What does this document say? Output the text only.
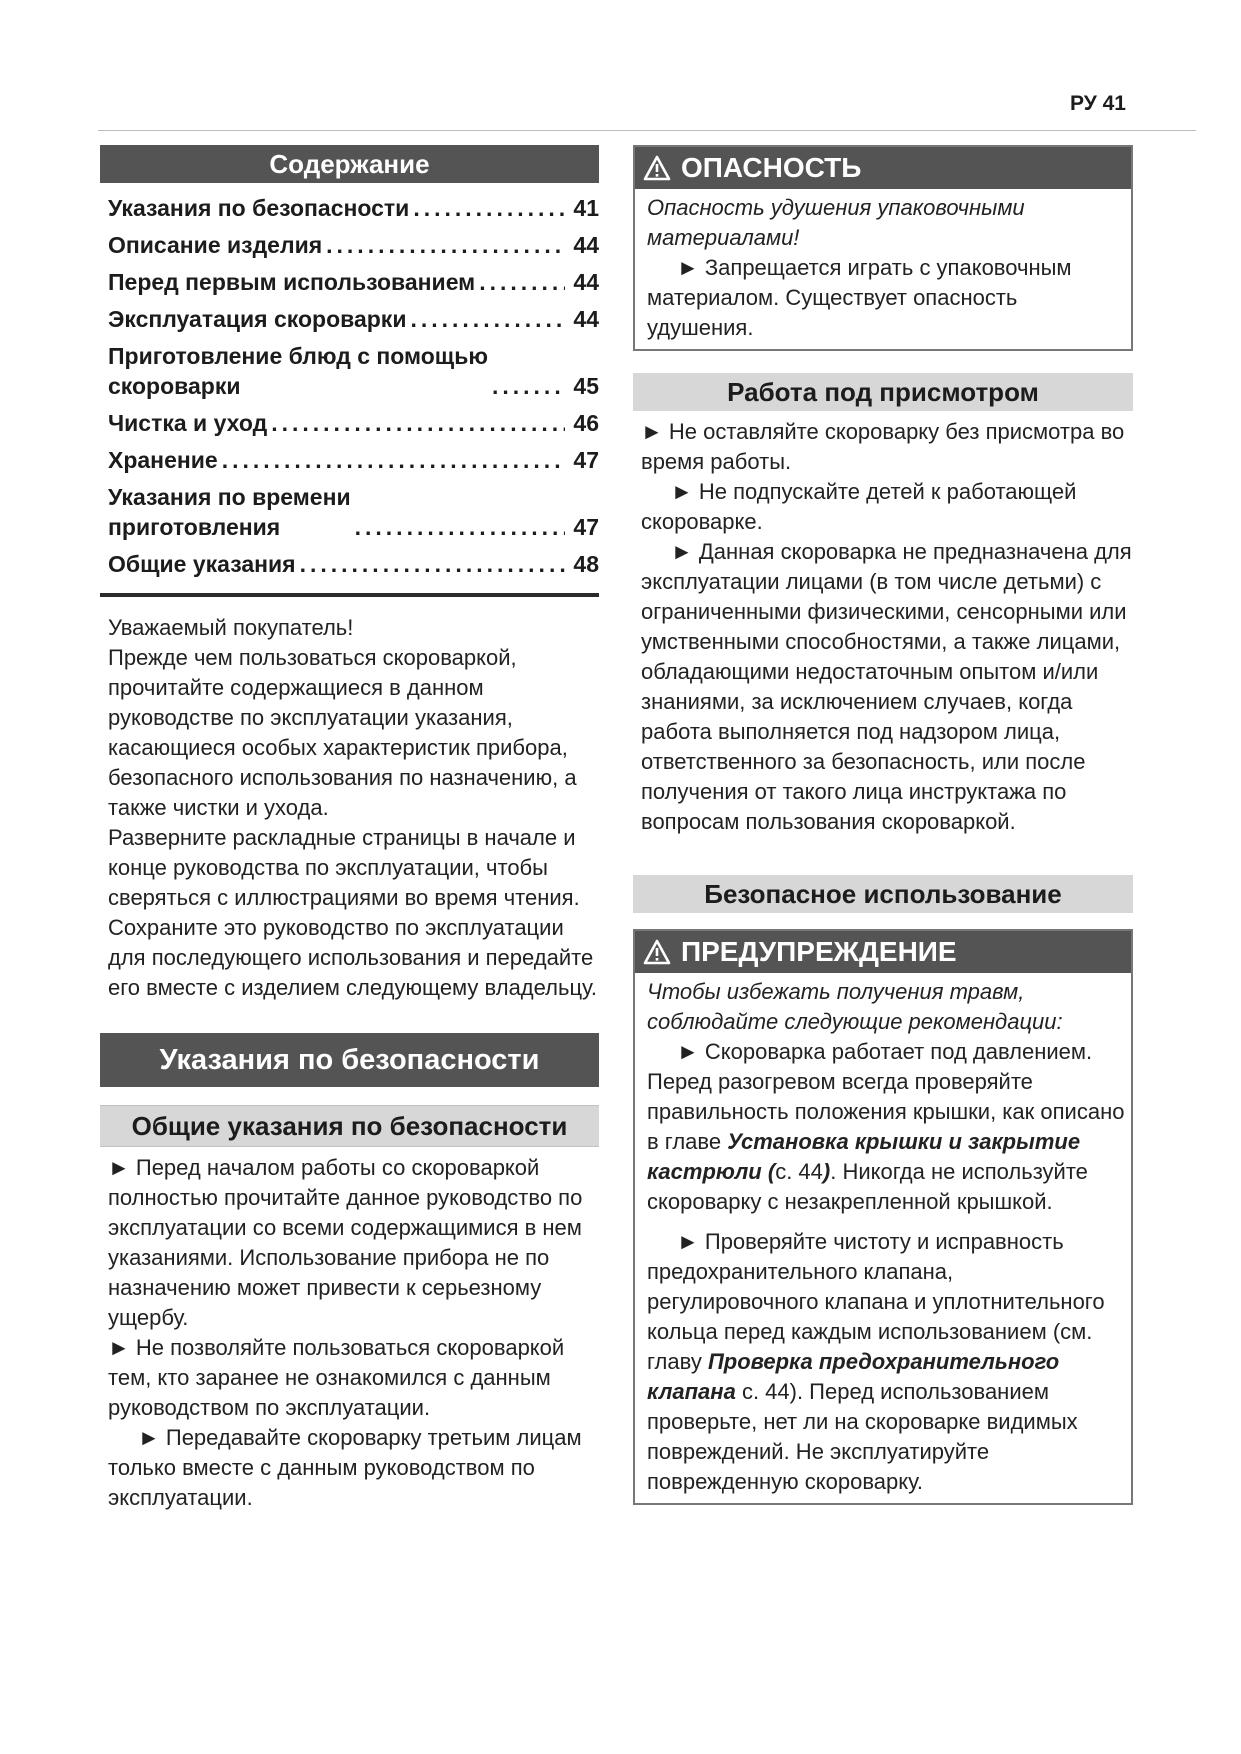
РУ 41
Содержание
Указания по безопасности .....	41
Описание изделия .....	44
Перед первым использованием .....	44
Эксплуатация скороварки .....	44
Приготовление блюд с помощью
скороварки .....	45
Чистка и уход .....	46
Хранение .....	47
Указания по времени
приготовления .....	47
Общие указания .....	48

Уважаемый покупатель!

Прежде чем пользоваться скороваркой, прочитайте содержащиеся в данном руководстве по эксплуатации указания, касающиеся особых характеристик прибора, безопасного использования по назначению, а также чистки и ухода.

Разверните раскладные страницы в начале и конце руководства по эксплуатации, чтобы сверяться с иллюстрациями во время чтения.

Сохраните это руководство по эксплуатации для последующего использования и передайте его вместе с изделием следующему владельцу.

Указания по безопасности
Общие указания по безопасности

► Перед началом работы со скороваркой полностью прочитайте данное руководство по эксплуатации со всеми содержащимися в нем указаниями. Использование прибора не по назначению может привести к серьезному ущербу.

► Не позволяйте пользоваться скороваркой тем, кто заранее не ознакомился с данным руководством по эксплуатации.

► Передавайте скороварку третьим лицам только вместе с данным руководством по эксплуатации.

ОПАСНОСТЬ

Опасность удушения упаковочными материалами!

► Запрещается играть с упаковочным материалом. Существует опасность удушения.

Работа под присмотром

► Не оставляйте скороварку без присмотра во время работы.

► Не подпускайте детей к работающей скороварке.

► Данная скороварка не предназначена для эксплуатации лицами (в том числе детьми) с ограниченными физическими, сенсорными или умственными способностями, а также лицами, обладающими недостаточным опытом и/или знаниями, за исключением случаев, когда работа выполняется под надзором лица, ответственного за безопасность, или после получения от такого лица инструктажа по вопросам пользования скороваркой.

Безопасное использование
ПРЕДУПРЕЖДЕНИЕ

Чтобы избежать получения травм, соблюдайте следующие рекомендации:

► Скороварка работает под давлением. Перед разогревом всегда проверяйте правильность положения крышки, как описано в главе Установка крышки и закрытие кастрюли (с. 44). Никогда не используйте скороварку с незакрепленной крышкой.

► Проверяйте чистоту и исправность предохранительного клапана, регулировочного клапана и уплотнительного кольца перед каждым использованием (см. главу Проверка предохранительного клапана с. 44). Перед использованием проверьте, нет ли на скороварке видимых повреждений. Не эксплуатируйте поврежденную скороварку.
